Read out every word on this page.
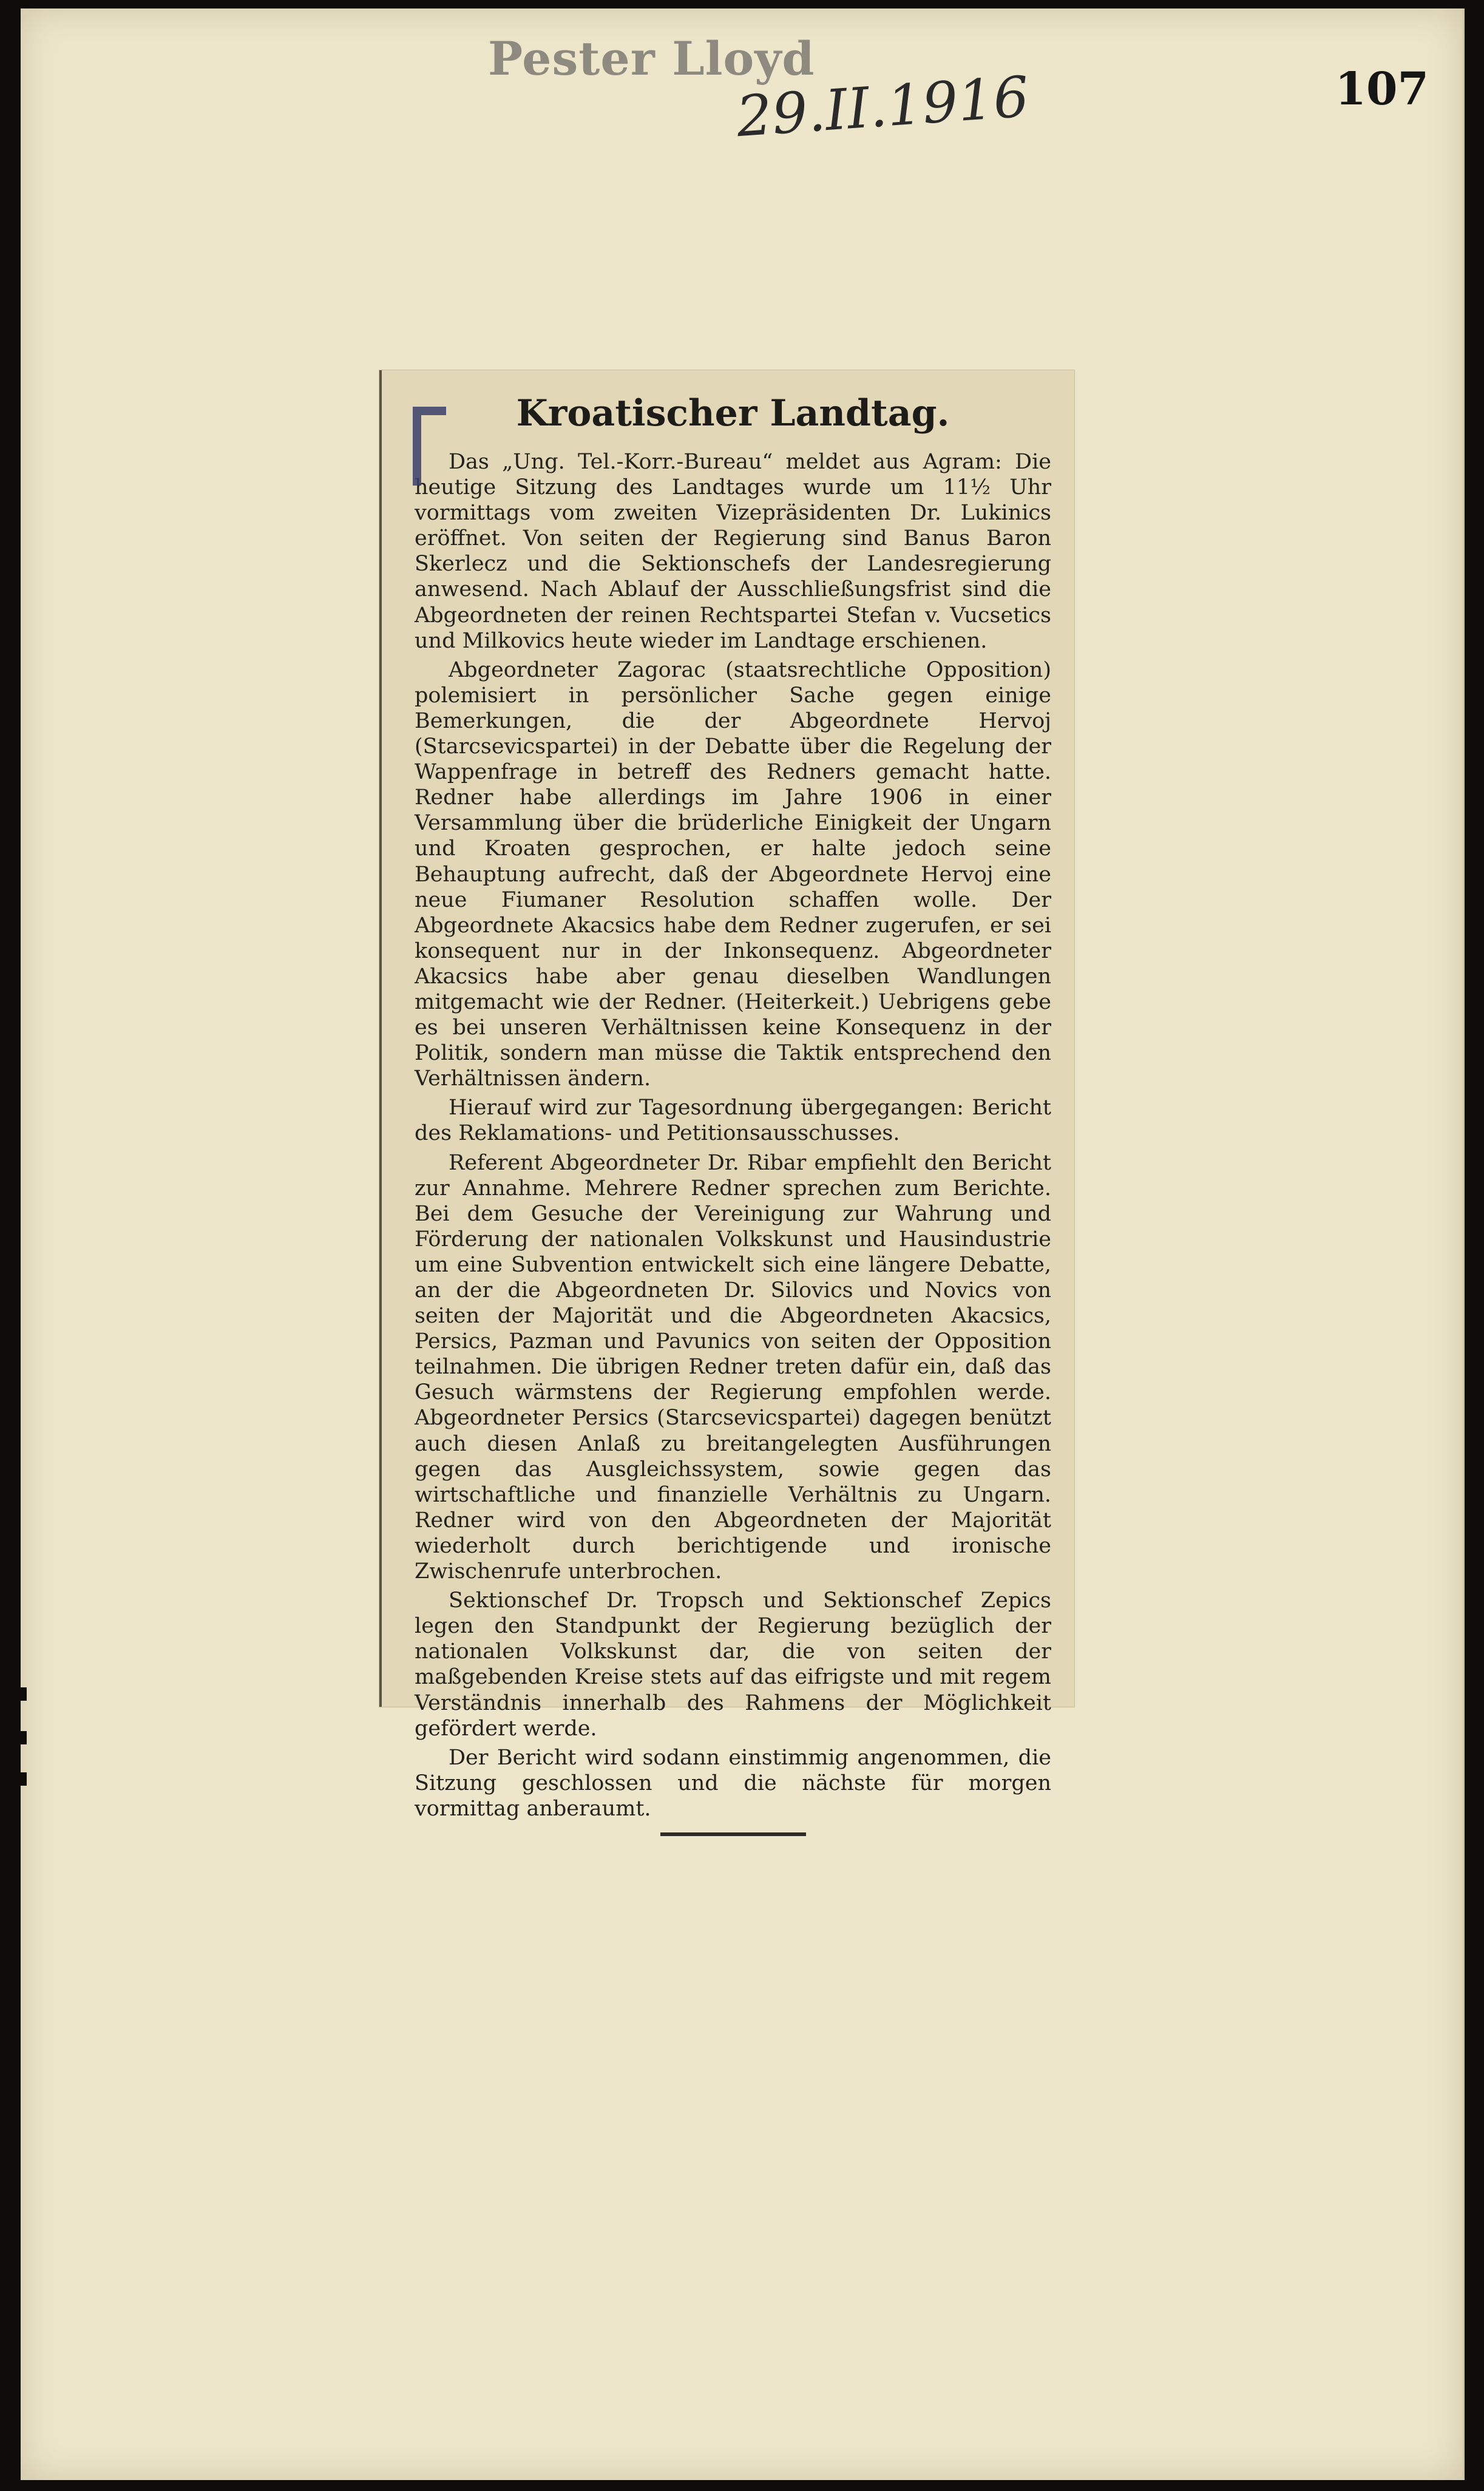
Pester Lloyd
29.II.1916	107
Kroatischer Landtag.

Das „Ung. Tel.-Korr.-Bureau“ meldet aus Agram: Die heutige Sitzung des Landtages wurde um 11½ Uhr vormittags vom zweiten Vizepräsidenten Dr. Lukinics eröffnet. Von seiten der Regierung sind Banus Baron Skerlecz und die Sektionschefs der Landesregierung anwesend. Nach Ablauf der Ausschließungsfrist sind die Abgeordneten der reinen Rechtspartei Stefan v. Vucsetics und Milkovics heute wieder im Landtage erschienen.

Abgeordneter Zagorac (staatsrechtliche Opposition) polemisiert in persönlicher Sache gegen einige Bemerkungen, die der Abgeordnete Hervoj (Starcsevicspartei) in der Debatte über die Regelung der Wappenfrage in betreff des Redners gemacht hatte. Redner habe allerdings im Jahre 1906 in einer Versammlung über die brüderliche Einigkeit der Ungarn und Kroaten gesprochen, er halte jedoch seine Behauptung aufrecht, daß der Abgeordnete Hervoj eine neue Fiumaner Resolution schaffen wolle. Der Abgeordnete Akacsics habe dem Redner zugerufen, er sei konsequent nur in der Inkonsequenz. Abgeordneter Akacsics habe aber genau dieselben Wandlungen mitgemacht wie der Redner. (Heiterkeit.) Uebrigens gebe es bei unseren Verhältnissen keine Konsequenz in der Politik, sondern man müsse die Taktik entsprechend den Verhältnissen ändern.

Hierauf wird zur Tagesordnung übergegangen: Bericht des Reklamations- und Petitionsausschusses.

Referent Abgeordneter Dr. Ribar empfiehlt den Bericht zur Annahme. Mehrere Redner sprechen zum Berichte. Bei dem Gesuche der Vereinigung zur Wahrung und Förderung der nationalen Volkskunst und Hausindustrie um eine Subvention entwickelt sich eine längere Debatte, an der die Abgeordneten Dr. Silovics und Novics von seiten der Majorität und die Abgeordneten Akacsics, Persics, Pazman und Pavunics von seiten der Opposition teilnahmen. Die übrigen Redner treten dafür ein, daß das Gesuch wärmstens der Regierung empfohlen werde. Abgeordneter Persics (Starcsevicspartei) dagegen benützt auch diesen Anlaß zu breitangelegten Ausführungen gegen das Ausgleichssystem, sowie gegen das wirtschaftliche und finanzielle Verhältnis zu Ungarn. Redner wird von den Abgeordneten der Majorität wiederholt durch berichtigende und ironische Zwischenrufe unterbrochen.

Sektionschef Dr. Tropsch und Sektionschef Zepics legen den Standpunkt der Regierung bezüglich der nationalen Volkskunst dar, die von seiten der maßgebenden Kreise stets auf das eifrigste und mit regem Verständnis innerhalb des Rahmens der Möglichkeit gefördert werde.

Der Bericht wird sodann einstimmig angenommen, die Sitzung geschlossen und die nächste für morgen vormittag anberaumt.
